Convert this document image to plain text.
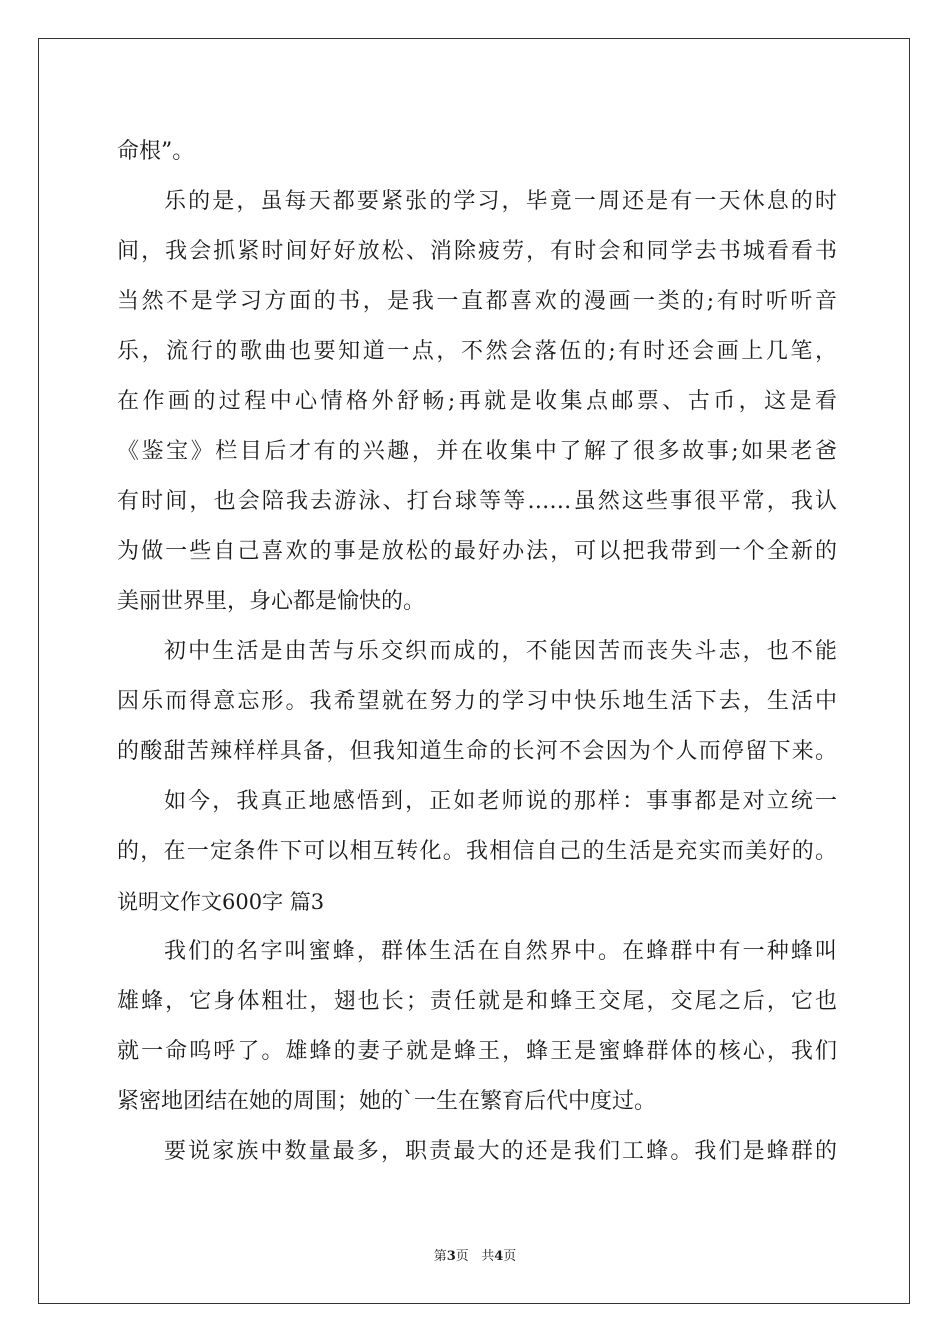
命根”。
乐的是，虽每天都要紧张的学习，毕竟一周还是有一天休息的时
间，我会抓紧时间好好放松、消除疲劳，有时会和同学去书城看看书
当然不是学习方面的书，是我一直都喜欢的漫画一类的;有时听听音
乐，流行的歌曲也要知道一点，不然会落伍的;有时还会画上几笔，
在作画的过程中心情格外舒畅;再就是收集点邮票、古币，这是看
《鉴宝》栏目后才有的兴趣，并在收集中了解了很多故事;如果老爸
有时间，也会陪我去游泳、打台球等等……虽然这些事很平常，我认
为做一些自己喜欢的事是放松的最好办法，可以把我带到一个全新的
美丽世界里，身心都是愉快的。
初中生活是由苦与乐交织而成的，不能因苦而丧失斗志，也不能
因乐而得意忘形。我希望就在努力的学习中快乐地生活下去，生活中
的酸甜苦辣样样具备，但我知道生命的长河不会因为个人而停留下来。
如今，我真正地感悟到，正如老师说的那样：事事都是对立统一
的，在一定条件下可以相互转化。我相信自己的生活是充实而美好的。
说明文作文600字 篇3
我们的名字叫蜜蜂，群体生活在自然界中。在蜂群中有一种蜂叫
雄蜂，它身体粗壮，翅也长；责任就是和蜂王交尾，交尾之后，它也
就一命呜呼了。雄蜂的妻子就是蜂王，蜂王是蜜蜂群体的核心，我们
紧密地团结在她的周围；她的`一生在繁育后代中度过。
要说家族中数量最多，职责最大的还是我们工蜂。我们是蜂群的
第3页 共4页
